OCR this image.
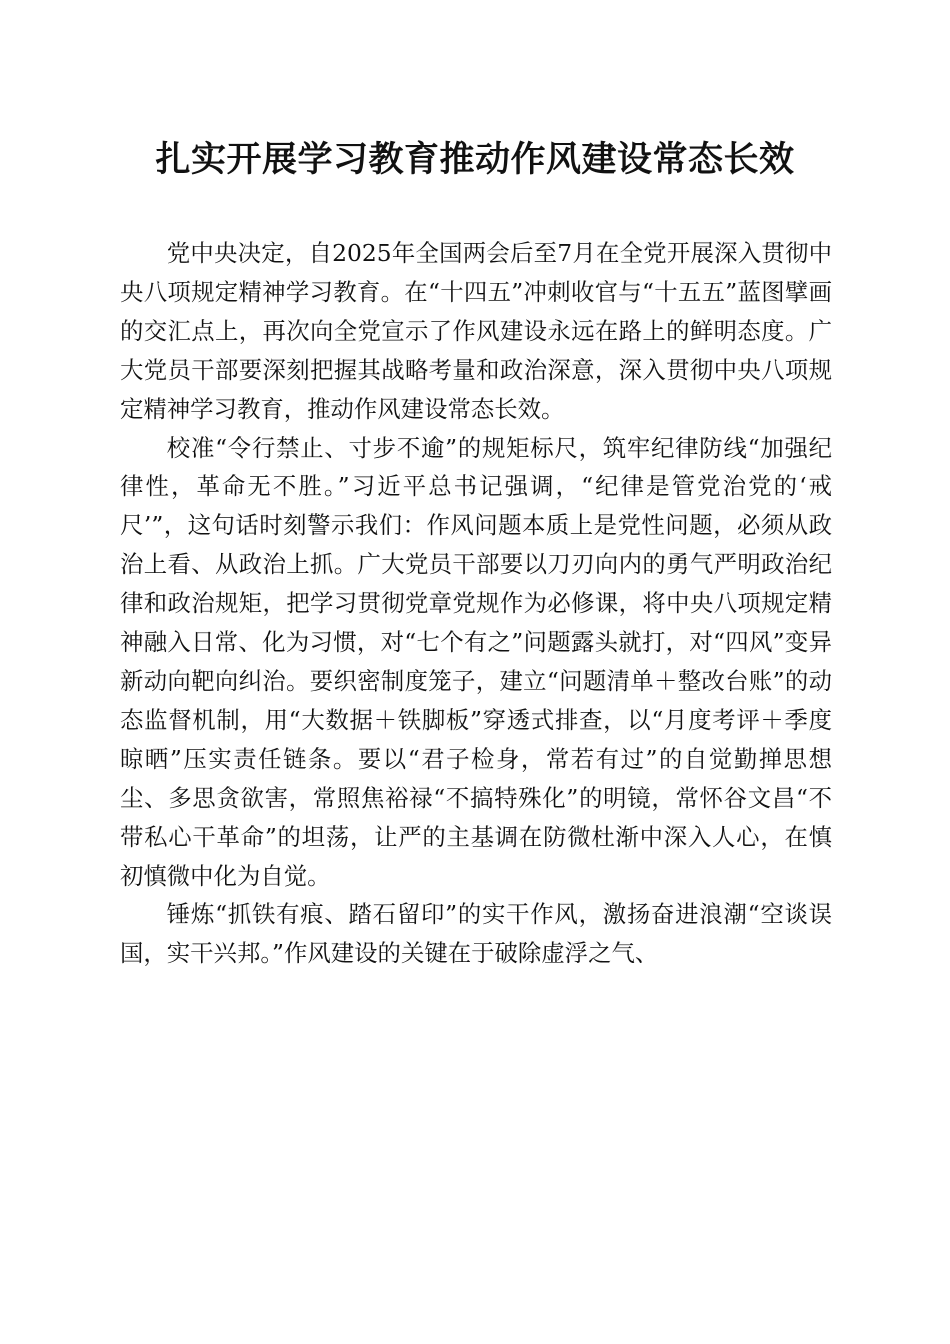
扎实开展学习教育推动作风建设常态长效

党中央决定，自2025年全国两会后至7月在全党开展深入贯彻中央八项规定精神学习教育。在“十四五”冲刺收官与“十五五”蓝图擘画的交汇点上，再次向全党宣示了作风建设永远在路上的鲜明态度。广大党员干部要深刻把握其战略考量和政治深意，深入贯彻中央八项规定精神学习教育，推动作风建设常态长效。

校准“令行禁止、寸步不逾”的规矩标尺，筑牢纪律防线“加强纪律性，革命无不胜。”习近平总书记强调，“纪律是管党治党的‘戒尺’”，这句话时刻警示我们：作风问题本质上是党性问题，必须从政治上看、从政治上抓。广大党员干部要以刀刃向内的勇气严明政治纪律和政治规矩，把学习贯彻党章党规作为必修课，将中央八项规定精神融入日常、化为习惯，对“七个有之”问题露头就打，对“四风”变异新动向靶向纠治。要织密制度笼子，建立“问题清单＋整改台账”的动态监督机制，用“大数据＋铁脚板”穿透式排查，以“月度考评＋季度晾晒”压实责任链条。要以“君子检身，常若有过”的自觉勤掸思想尘、多思贪欲害，常照焦裕禄“不搞特殊化”的明镜，常怀谷文昌“不带私心干革命”的坦荡，让严的主基调在防微杜渐中深入人心，在慎初慎微中化为自觉。

锤炼“抓铁有痕、踏石留印”的实干作风，激扬奋进浪潮“空谈误国，实干兴邦。”作风建设的关键在于破除虚浮之气、
